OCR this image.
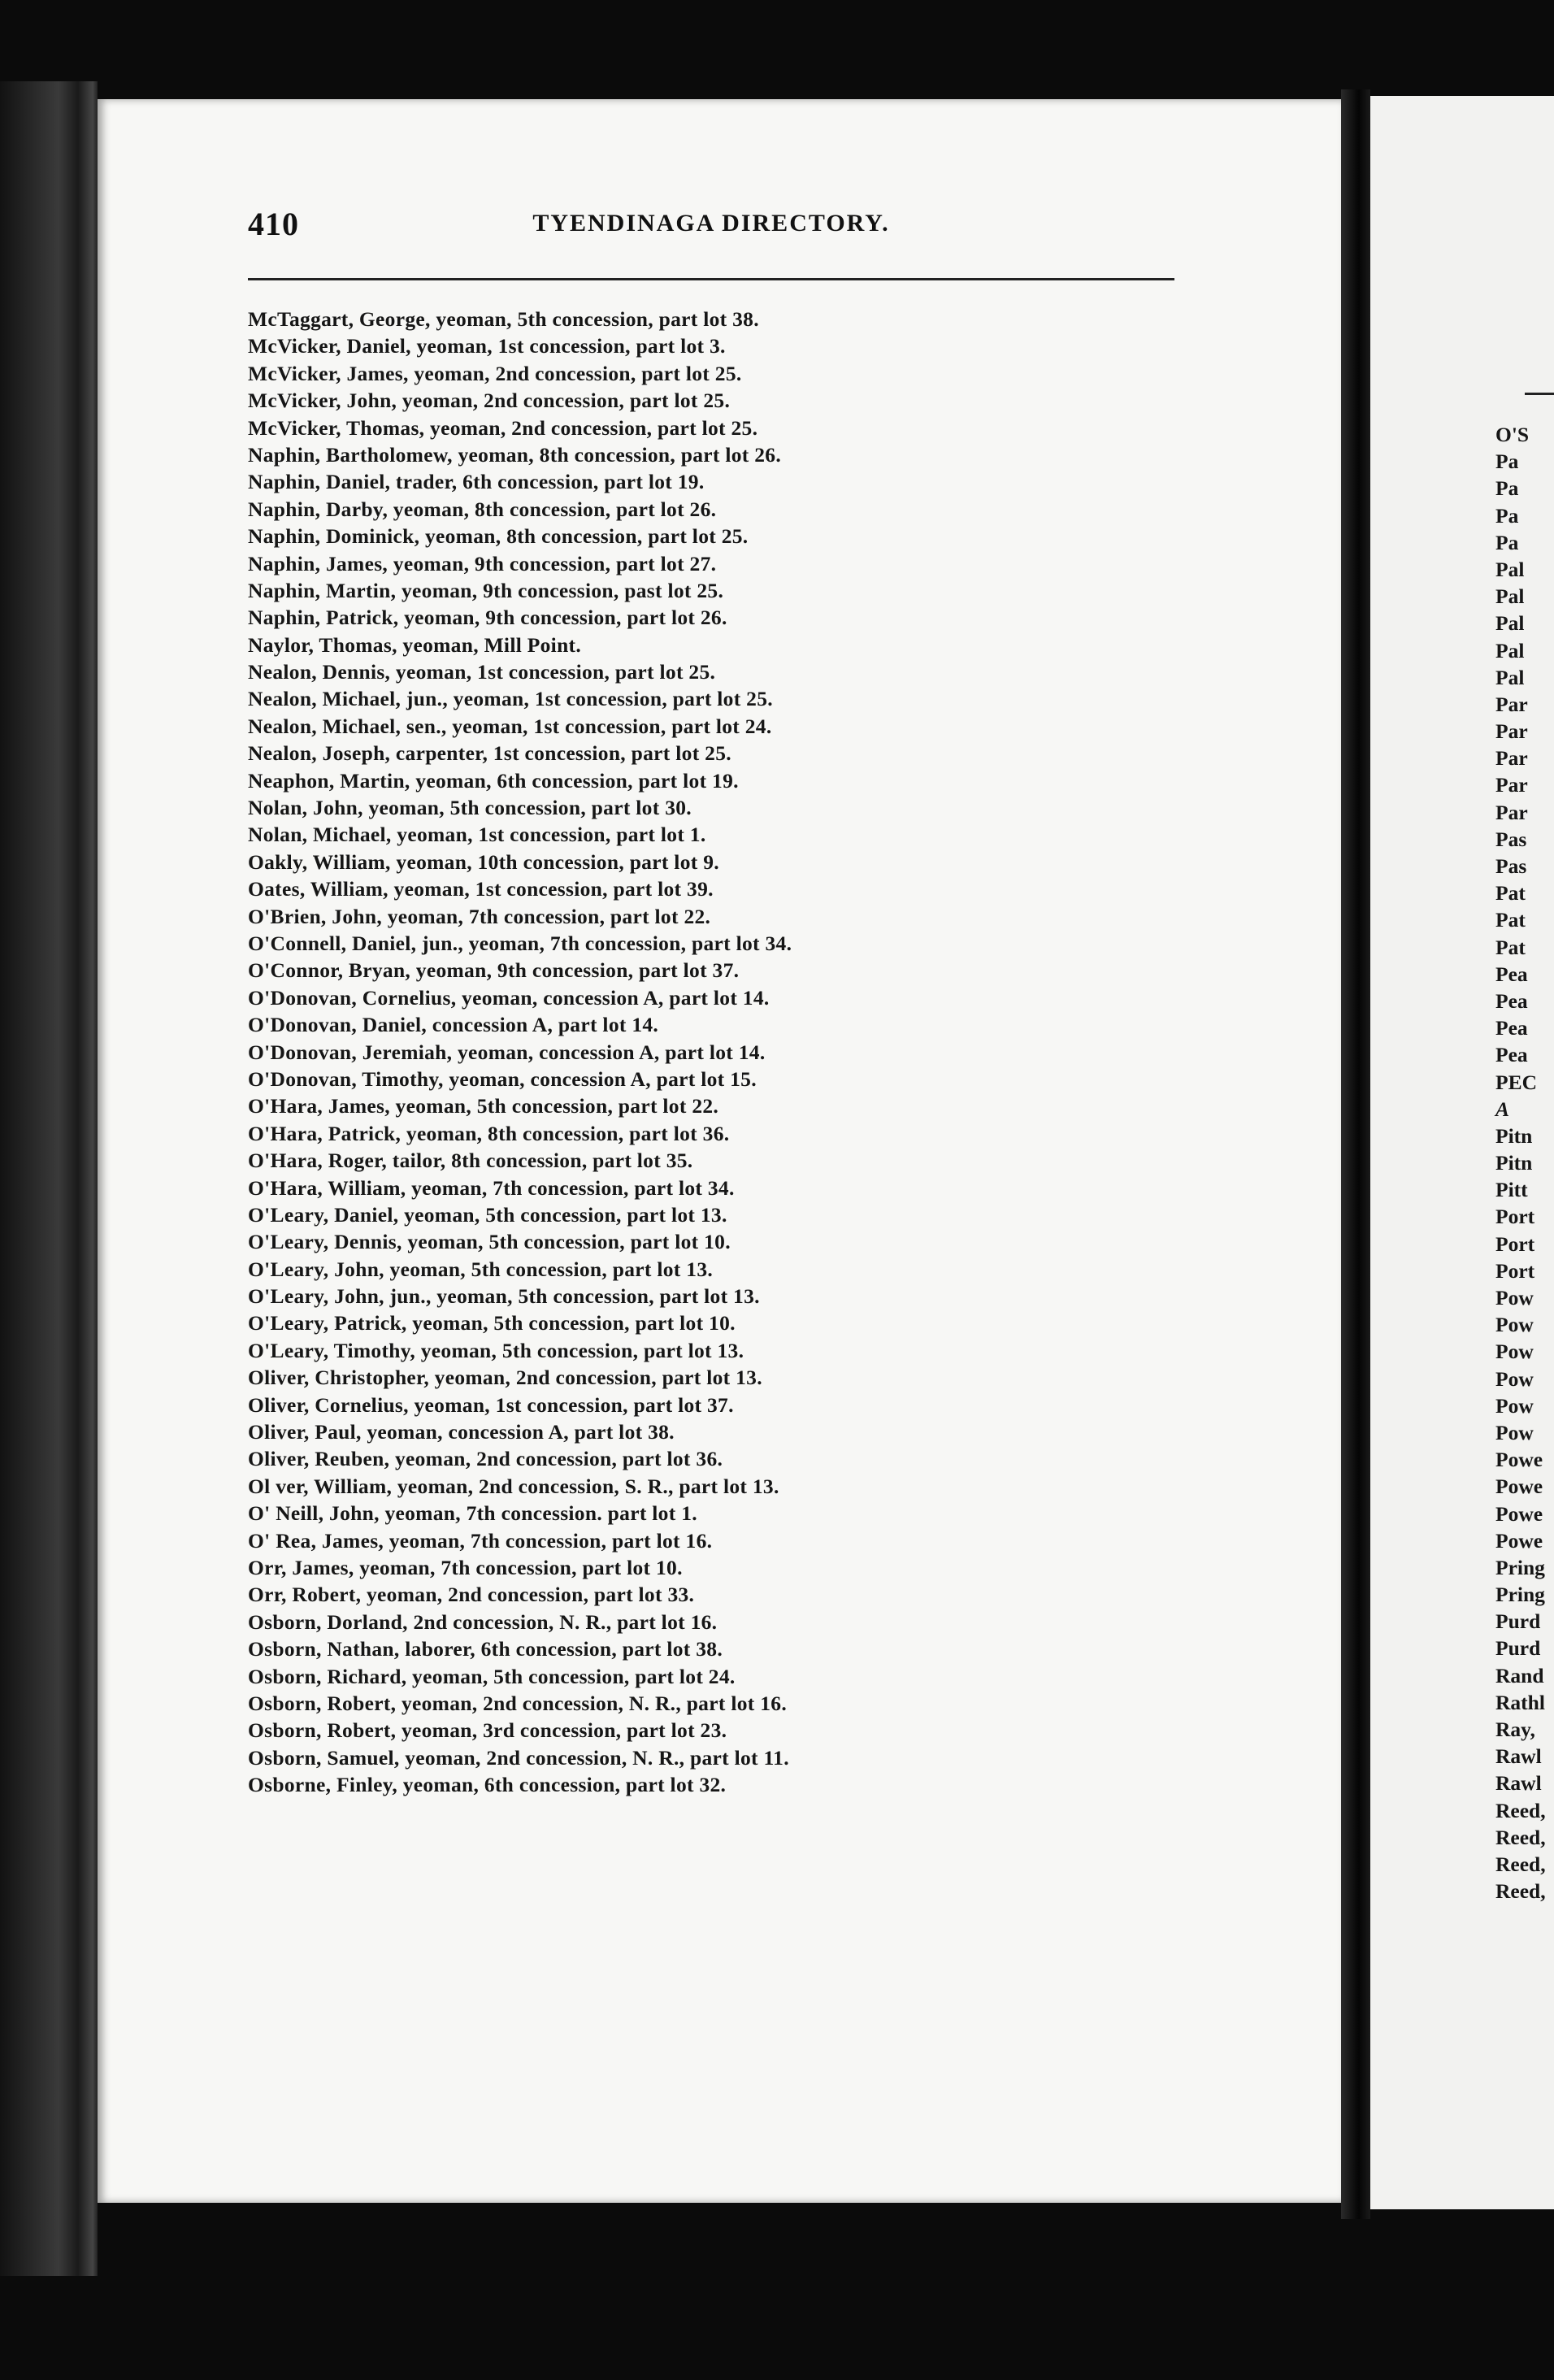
410	TYENDINAGA DIRECTORY.
McTaggart, George, yeoman, 5th concession, part lot 38.
McVicker, Daniel, yeoman, 1st concession, part lot 3.
McVicker, James, yeoman, 2nd concession, part lot 25.
McVicker, John, yeoman, 2nd concession, part lot 25.
McVicker, Thomas, yeoman, 2nd concession, part lot 25.
Naphin, Bartholomew, yeoman, 8th concession, part lot 26.
Naphin, Daniel, trader, 6th concession, part lot 19.
Naphin, Darby, yeoman, 8th concession, part lot 26.
Naphin, Dominick, yeoman, 8th concession, part lot 25.
Naphin, James, yeoman, 9th concession, part lot 27.
Naphin, Martin, yeoman, 9th concession, past lot 25.
Naphin, Patrick, yeoman, 9th concession, part lot 26.
Naylor, Thomas, yeoman, Mill Point.
Nealon, Dennis, yeoman, 1st concession, part lot 25.
Nealon, Michael, jun., yeoman, 1st concession, part lot 25.
Nealon, Michael, sen., yeoman, 1st concession, part lot 24.
Nealon, Joseph, carpenter, 1st concession, part lot 25.
Neaphon, Martin, yeoman, 6th concession, part lot 19.
Nolan, John, yeoman, 5th concession, part lot 30.
Nolan, Michael, yeoman, 1st concession, part lot 1.
Oakly, William, yeoman, 10th concession, part lot 9.
Oates, William, yeoman, 1st concession, part lot 39.
O'Brien, John, yeoman, 7th concession, part lot 22.
O'Connell, Daniel, jun., yeoman, 7th concession, part lot 34.
O'Connor, Bryan, yeoman, 9th concession, part lot 37.
O'Donovan, Cornelius, yeoman, concession A, part lot 14.
O'Donovan, Daniel, concession A, part lot 14.
O'Donovan, Jeremiah, yeoman, concession A, part lot 14.
O'Donovan, Timothy, yeoman, concession A, part lot 15.
O'Hara, James, yeoman, 5th concession, part lot 22.
O'Hara, Patrick, yeoman, 8th concession, part lot 36.
O'Hara, Roger, tailor, 8th concession, part lot 35.
O'Hara, William, yeoman, 7th concession, part lot 34.
O'Leary, Daniel, yeoman, 5th concession, part lot 13.
O'Leary, Dennis, yeoman, 5th concession, part lot 10.
O'Leary, John, yeoman, 5th concession, part lot 13.
O'Leary, John, jun., yeoman, 5th concession, part lot 13.
O'Leary, Patrick, yeoman, 5th concession, part lot 10.
O'Leary, Timothy, yeoman, 5th concession, part lot 13.
Oliver, Christopher, yeoman, 2nd concession, part lot 13.
Oliver, Cornelius, yeoman, 1st concession, part lot 37.
Oliver, Paul, yeoman, concession A, part lot 38.
Oliver, Reuben, yeoman, 2nd concession, part lot 36.
Ol ver, William, yeoman, 2nd concession, S. R., part lot 13.
O' Neill, John, yeoman, 7th concession. part lot 1.
O' Rea, James, yeoman, 7th concession, part lot 16.
Orr, James, yeoman, 7th concession, part lot 10.
Orr, Robert, yeoman, 2nd concession, part lot 33.
Osborn, Dorland, 2nd concession, N. R., part lot 16.
Osborn, Nathan, laborer, 6th concession, part lot 38.
Osborn, Richard, yeoman, 5th concession, part lot 24.
Osborn, Robert, yeoman, 2nd concession, N. R., part lot 16.
Osborn, Robert, yeoman, 3rd concession, part lot 23.
Osborn, Samuel, yeoman, 2nd concession, N. R., part lot 11.
Osborne, Finley, yeoman, 6th concession, part lot 32.
O'S
Pa
Pa
Pa
Pa
Pal
Pal
Pal
Pal
Pal
Par
Par
Par
Par
Par
Pas
Pas
Pat
Pat
Pat
Pea
Pea
Pea
Pea
PEC
A
Pitn
Pitn
Pitt
Port
Port
Port
Pow
Pow
Pow
Pow
Pow
Pow
Powe
Powe
Powe
Powe
Pring
Pring
Purd
Purd
Rand
Rathl
Ray,
Rawl
Rawl
Reed,
Reed,
Reed,
Reed,
